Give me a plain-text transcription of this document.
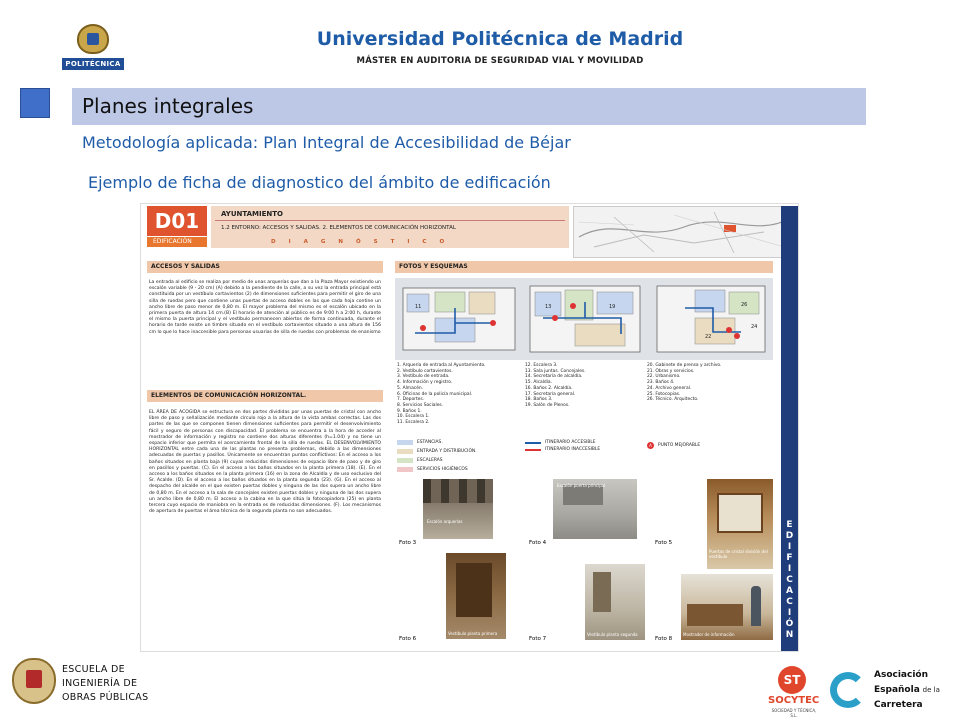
POLITÉCNICA
Universidad Politécnica de Madrid
MÁSTER EN AUDITORIA DE SEGURIDAD VIAL Y MOVILIDAD
Planes integrales
Metodología aplicada: Plan Integral de Accesibilidad de Béjar
Ejemplo de ficha de diagnostico del ámbito de edificación
D01
EDIFICACIÓN
AYUNTAMIENTO
1.2 ENTORNO: ACCESOS Y SALIDAS. 2. ELEMENTOS DE COMUNICACIÓN HORIZONTAL
DIAGNÓSTICO
ACCESOS Y SALIDAS	FOTOS Y ESQUEMAS
La entrada al edificio se realiza por medio de unas arquerías que dan a la Plaza Mayor existiendo un escalón variable (9 - 20 cm) (A) debido a la pendiente de la calle, a su vez la entrada principal está constituida por un vestíbulo cortavientos (2) de dimensiones suficientes para permitir el giro de una silla de ruedas pero que contiene unas puertas de acceso dobles en las que cada hoja contine un ancho libre de paso menor de 0,80 m. El mayor problema del mismo es el escalón ubicado en la primera puerta de altura 14 cm.(B) El horario de atención al público es de 9:00 h a 2:00 h, durante el mismo la puerta principal y el vestíbulo permanecen abiertos de forma continuada, durante el horario de tarde existe un timbre situado en el vestíbulo cortavientos situado a una altura de 156 cm lo que lo hace inaccesible para personas usuarias de silla de ruedas con problemas de enanismo
ELEMENTOS DE COMUNICACIÓN HORIZONTAL.
EL ÁREA DE ACOGIDA se estructura en dos partes divididas por unas puertas de cristal con ancho libre de paso y señalización mediante círculo rojo a la altura de la vista ambas correctas. Las dos partes de las que se componen tienen dimensiones suficientes para permitir el desenvolvimiento fácil y seguro de personas con discapacidad. El problema se encuentra a la hora de acceder al mostrador de información y registro no contiene dos alturas diferentes (h=1.04) y no tiene un espacio inferior que permita el acercamiento frontal de la silla de ruedas. EL DESENVOLVIMIENTO HORIZONTAL entre cada una de las plantas no presenta problemas, debido a las dimensiones adecuadas de puertas y pasillos. Únicamente se encuentran puntos conflictivos: En el acceso a los baños situados en planta baja (9) cuyas reducidas dimensiones de espacio libre de paso y de giro en pasillos y puertas. (C). En el acceso a los baños situados en la planta primera (18). (E). En el acceso a los baños situados en la planta primera (16) en la zona de Alcaldía y de uso exclusivo del Sr. Acalde. (D). En el acceso a los baños situados en la planta segunda (23). (G). En el acceso al despacho del alcalde en el que existen puertas dobles y ninguna de las dos supera un ancho libre de 0,80 m. En el acceso a la sala de concejales existen puertas dobles y ninguna de las dos supera un ancho libre de 0,80 m. El acceso a la cabina en la que sitúa la fotocopiadora (25) en planta tercera cuyo espacio de maniobra en la entrada es de reducidas dimensiones. (F). Los mecanismos de apertura de puertas el área técnica de la segunda planta no son adecuados.
11	13	26
19
22
24
1. Arquería de entrada al Ayuntamiento.
2. Vestíbulo cortavientos.
3. Vestíbulo de entrada.
4. Información y registro.
5. Almacén.
6. Oficinas de la policía municipal.
7. Deportes.
8. Servicios Sociales.
9. Baños 1.
10. Escalera 1.
11. Escalera 2.
12. Escalera 3.
13. Sala juntas. Concejales.
14. Secretaría de alcaldía.
15. Alcaldía.
16. Baños 2. Alcaldía.
17. Secretaría general.
18. Baños 3.
19. Salón de Plenos.
20. Gabinete de prensa y archivo.
21. Obras y servicios.
22. Urbanismo.
23. Baños 4.
24. Archivo general.
25. Fotocopias.
26. Técnico. Arquitecto.
ESTANCIAS.
ENTRADA Y DISTRIBUCIÓN.
ESCALERAS
SERVICIOS HIGIÉNICOS
ITINERARIO ACCESIBLE
ITINERARIO INACCESIBLE
A	PUNTO MEJORABLE
Escalón arquerías
Foto 3
Escalón puerta principal
Foto 4
Puertas de cristal división del vestíbulo
Foto 5
Vestíbulo planta primera
Foto 6
Vestíbulo planta segunda
Foto 7
Mostrador de información
Foto 8
EDIFICACIÓN
ESCUELA DE
INGENIERÍA DE
OBRAS PÚBLICAS
ST
SOCYTEC
SOCIEDAD Y TÉCNICA, S.L.
Asociación
Española de la
Carretera
